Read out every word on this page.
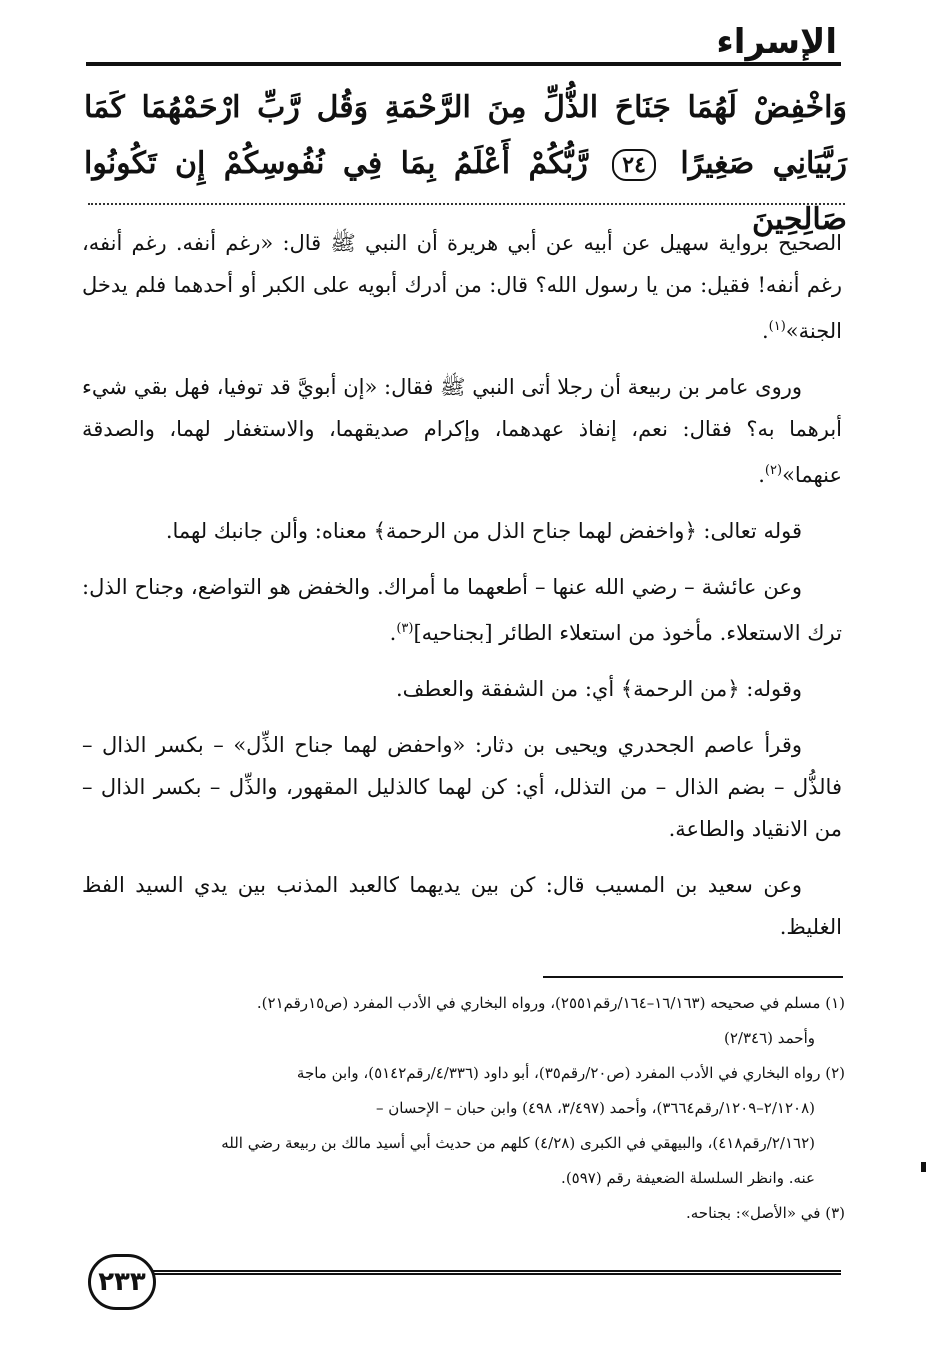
الإسراء
وَاخْفِضْ لَهُمَا جَنَاحَ الذُّلِّ مِنَ الرَّحْمَةِ وَقُل رَّبِّ ارْحَمْهُمَا كَمَا رَبَّيَانِي صَغِيرًا ٢٤ رَّبُّكُمْ أَعْلَمُ بِمَا فِي نُفُوسِكُمْ إِن تَكُونُوا صَالِحِينَ

الصحيح برواية سهيل عن أبيه عن أبي هريرة أن النبي ﷺ قال: «رغم أنفه. رغم أنفه، رغم أنفه! فقيل: من يا رسول الله؟ قال: من أدرك أبويه على الكبر أو أحدهما فلم يدخل الجنة»$^{(١)}$.

وروى عامر بن ربيعة أن رجلا أتى النبي ﷺ فقال: «إن أبويَّ قد توفيا، فهل بقي شيء أبرهما به؟ فقال: نعم، إنفاذ عهدهما، وإكرام صديقهما، والاستغفار لهما، والصدقة عنهما»$^{(٢)}$.

قوله تعالى: ﴿واخفض لهما جناح الذل من الرحمة﴾ معناه: وألن جانبك لهما.

وعن عائشة – رضي الله عنها – أطعهما ما أمراك. والخفض هو التواضع، وجناح الذل: ترك الاستعلاء. مأخوذ من استعلاء الطائر [بجناحيه]$^{(٣)}$.

وقوله: ﴿من الرحمة﴾ أي: من الشفقة والعطف.

وقرأ عاصم الجحدري ويحيى بن دثار: «واحفض لهما جناح الذِّل» – بكسر الذال – فالذُّل – بضم الذال – من التذلل، أي: كن لهما كالذليل المقهور، والذِّل – بكسر الذال – من الانقياد والطاعة.

وعن سعيد بن المسيب قال: كن بين يديهما كالعبد المذنب بين يدي السيد الفظ الغليظ.

(١) مسلم في صحيحه (١٦/١٦٣–١٦٤/رقم٢٥٥١)، ورواه البخاري في الأدب المفرد (ص١٥رقم٢١).

وأحمد (٢/٣٤٦)

(٢) رواه البخاري في الأدب المفرد (ص٢٠/رقم٣٥)، أبو داود (٤/٣٣٦/رقم٥١٤٢)، وابن ماجة

(٢/١٢٠٨–١٢٠٩/رقم٣٦٦٤)، وأحمد (٣/٤٩٧، ٤٩٨) وابن حبان – الإحسان –

(٢/١٦٢/رقم٤١٨)، والبيهقي في الكبرى (٤/٢٨) كلهم من حديث أبي أسيد مالك بن ربيعة رضي الله

عنه. وانظر السلسلة الضعيفة رقم (٥٩٧).

(٣) في «الأصل»: بجناحه.

٢٣٣
